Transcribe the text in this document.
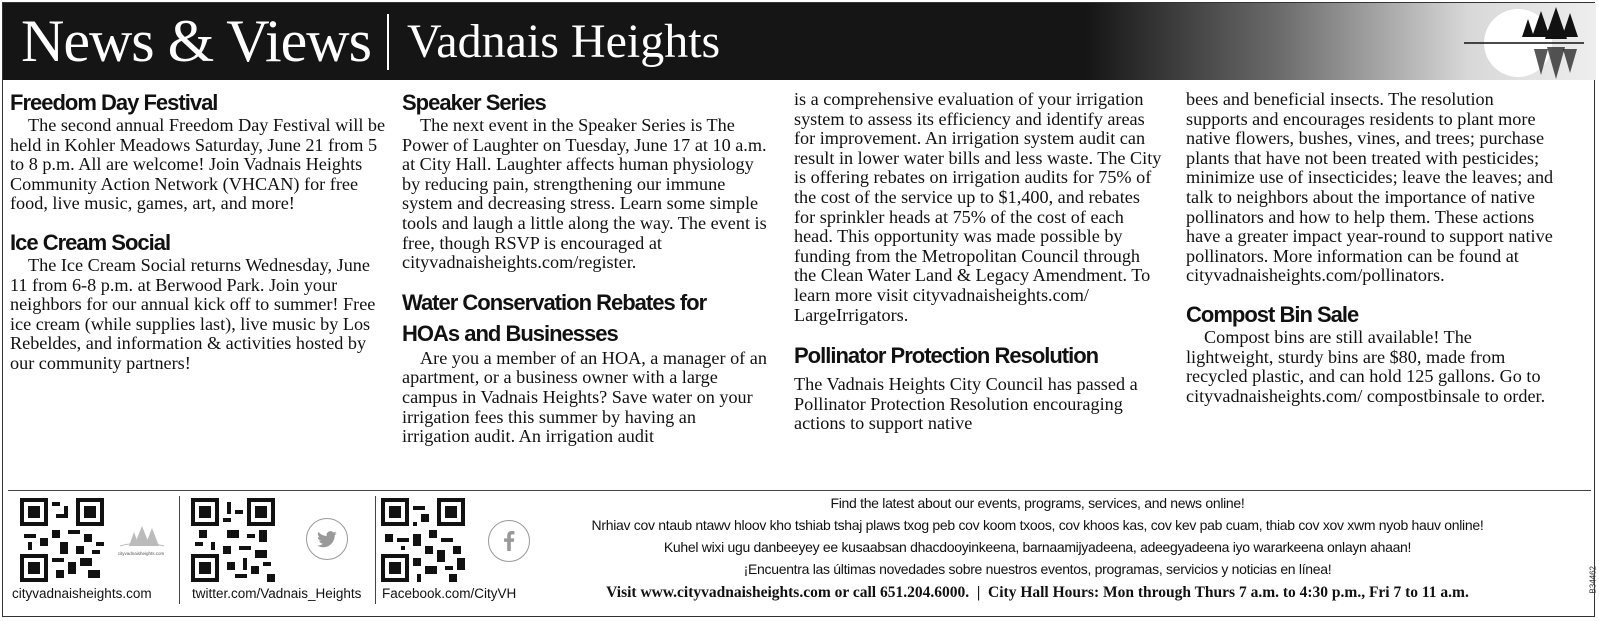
News & Views Vadnais Heights
Freedom Day Festival

The second annual Freedom Day Festival will be held in Kohler Meadows Saturday, June 21 from 5 to 8 p.m. All are welcome! Join Vadnais Heights Community Action Network (VHCAN) for free food, live music, games, art, and more!

Ice Cream Social

The Ice Cream Social returns Wednesday, June 11 from 6-8 p.m. at Berwood Park. Join your neighbors for our annual kick off to summer! Free ice cream (while supplies last), live music by Los Rebeldes, and information & activities hosted by our community partners!

Speaker Series

The next event in the Speaker Series is The Power of Laughter on Tuesday, June 17 at 10 a.m. at City Hall. Laughter affects human physiology by reducing pain, strengthening our immune system and decreasing stress. Learn some simple tools and laugh a little along the way. The event is free, though RSVP is encouraged at cityvadnaisheights.com/register.

Water Conservation Rebates for HOAs and Businesses

Are you a member of an HOA, a manager of an apartment, or a business owner with a large campus in Vadnais Heights? Save water on your irrigation fees this summer by having an irrigation audit. An irrigation audit

is a comprehensive evaluation of your irrigation system to assess its efficiency and identify areas for improvement. An irrigation system audit can result in lower water bills and less waste. The City is offering rebates on irrigation audits for 75% of the cost of the service up to $1,400, and rebates for sprinkler heads at 75% of the cost of each head. This opportunity was made possible by funding from the Metropolitan Council through the Clean Water Land & Legacy Amendment. To learn more visit cityvadnaisheights.com/ LargeIrrigators.

Pollinator Protection Resolution

The Vadnais Heights City Council has passed a Pollinator Protection Resolution encouraging actions to support native

bees and beneficial insects. The resolution supports and encourages residents to plant more native flowers, bushes, vines, and trees; purchase plants that have not been treated with pesticides; minimize use of insecticides; leave the leaves; and talk to neighbors about the importance of native pollinators and how to help them. These actions have a greater impact year-round to support native pollinators. More information can be found at cityvadnaisheights.com/pollinators.

Compost Bin Sale

Compost bins are still available! The lightweight, sturdy bins are $80, made from recycled plastic, and can hold 125 gallons. Go to cityvadnaisheights.com/ compostbinsale to order.

cityvadnaisheights.com
cityvadnaisheights.com	twitter.com/Vadnais_Heights Facebook.com/CityVH
Find the latest about our events, programs, services, and news online!
Nrhiav cov ntaub ntawv hloov kho tshiab tshaj plaws txog peb cov koom txoos, cov khoos kas, cov kev pab cuam, thiab cov xov xwm nyob hauv online!
Kuhel wixi ugu danbeeyey ee kusaabsan dhacdooyinkeena, barnaamijyadeena, adeegyadeena iyo wararkeena onlayn ahaan!
¡Encuentra las últimas novedades sobre nuestros eventos, programas, servicios y noticias en línea!
Visit www.cityvadnaisheights.com or call 651.204.6000.  |  City Hall Hours: Mon through Thurs 7 a.m. to 4:30 p.m., Fri 7 to 11 a.m.	B34462
